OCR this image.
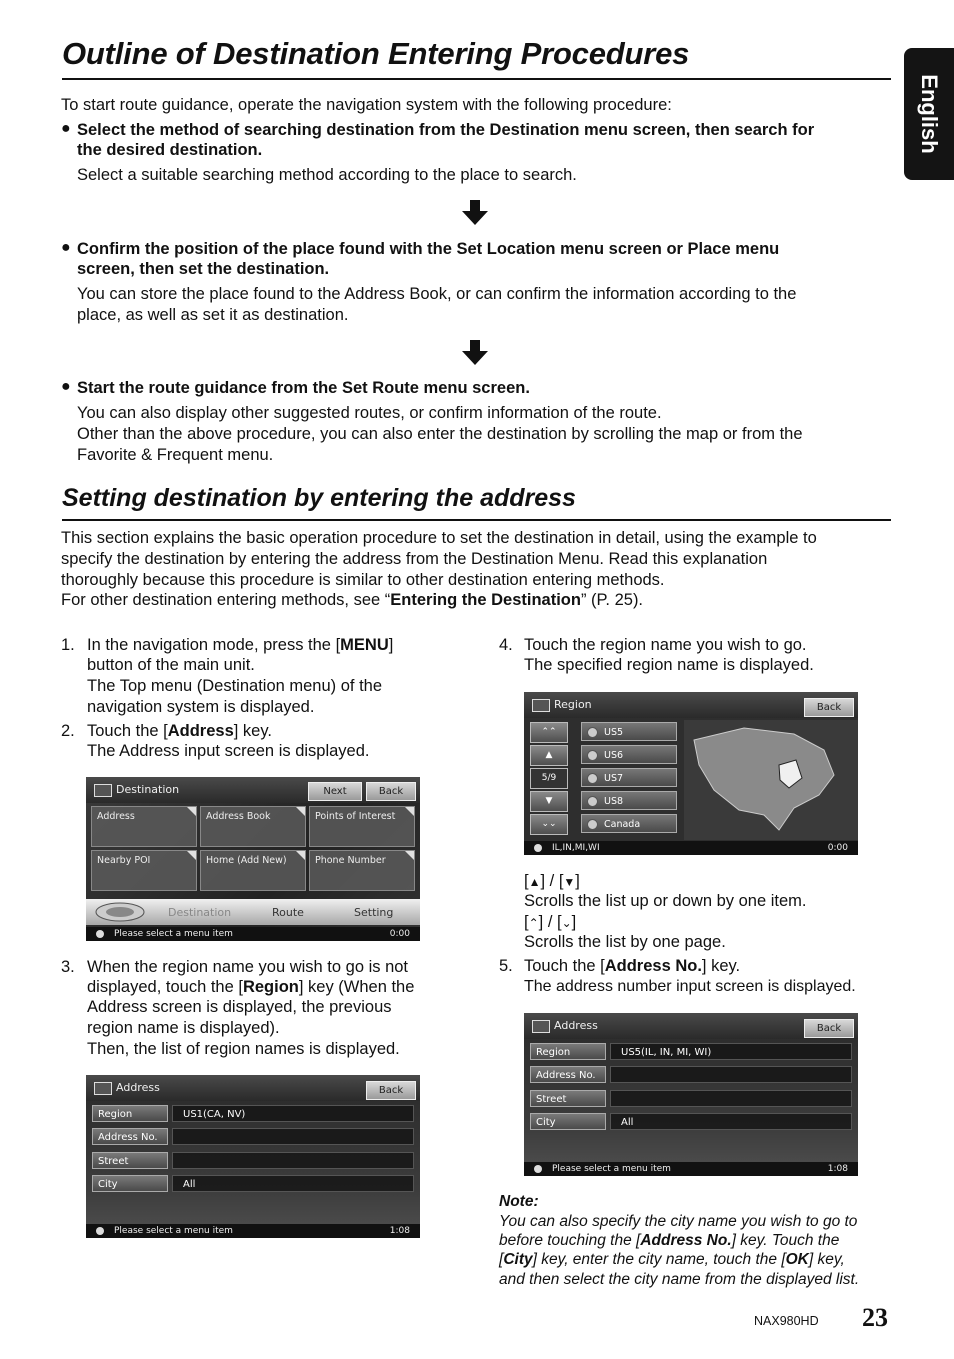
Outline of Destination Entering Procedures
English

To start route guidance, operate the navigation system with the following procedure:

● Select the method of searching destination from the Destination menu screen, then search for

the desired destination.

Select a suitable searching method according to the place to search.

● Confirm the position of the place found with the Set Location menu screen or Place menu

screen, then set the destination.

You can store the place found to the Address Book, or can confirm the information according to the

place, as well as set it as destination.

● Start the route guidance from the Set Route menu screen.

You can also display other suggested routes, or confirm information of the route.

Other than the above procedure, you can also enter the destination by scrolling the map or from the

Favorite & Frequent menu.

Setting destination by entering the address

This section explains the basic operation procedure to set the destination in detail, using the example to

specify the destination by entering the address from the Destination Menu. Read this explanation

thoroughly because this procedure is similar to other destination entering methods.

For other destination entering methods, see “Entering the Destination” (P. 25).

1. In the navigation mode, press the [MENU]

button of the main unit.

The Top menu (Destination menu) of the

navigation system is displayed.

2. Touch the [Address] key.

The Address input screen is displayed.

Destination	Next	Back
Address	Address Book	Points of Interest
Nearby POI	Home (Add New)	Phone Number
Destination	Route	Setting
Please select a menu item	0:00
3. When the region name you wish to go is not

displayed, touch the [Region] key (When the

Address screen is displayed, the previous

region name is displayed).

Then, the list of region names is displayed.

Address	Back
Region	US1(CA, NV)
Address No.
Street
City	All
Please select a menu item	1:08
4. Touch the region name you wish to go.

The specified region name is displayed.

Region	Back
⌃⌃
▲
5/9
▼
⌄⌄
US5
US6
US7
US8
Canada
IL,IN,MI,WI	0:00

[▲] / [▼]

Scrolls the list up or down by one item.

[⌃] / [⌄]

Scrolls the list by one page.

5. Touch the [Address No.] key.

The address number input screen is displayed.

Address	Back
Region	US5(IL, IN, MI, WI)
Address No.
Street
City	All
Please select a menu item	1:08

Note:

You can also specify the city name you wish to go to

before touching the [Address No.] key. Touch the

[City] key, enter the city name, touch the [OK] key,

and then select the city name from the displayed list.

NAX980HD 23
